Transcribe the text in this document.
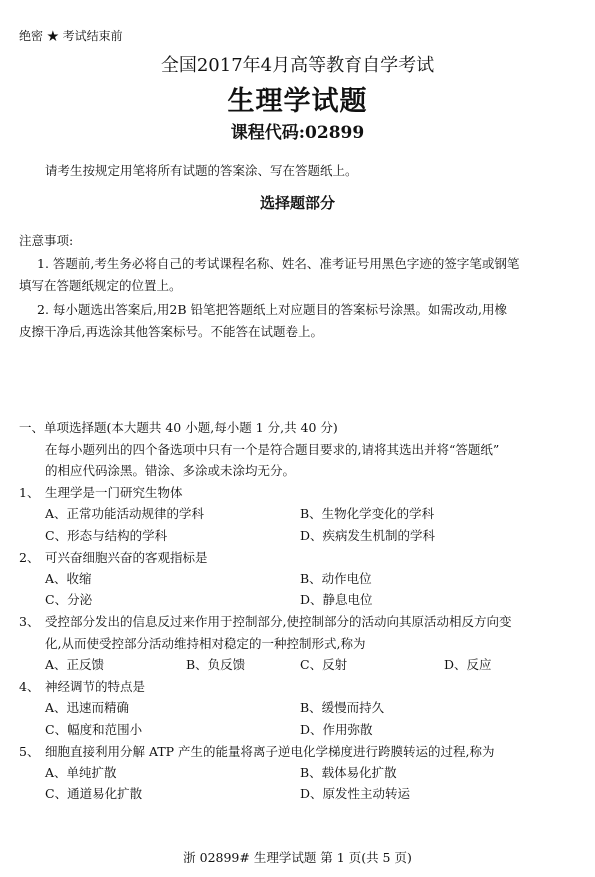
绝密 ★ 考试结束前
全国2017年4月高等教育自学考试
生理学试题
课程代码:02899
请考生按规定用笔将所有试题的答案涂、写在答题纸上。
选择题部分
注意事项:
1. 答题前,考生务必将自己的考试课程名称、姓名、准考证号用黑色字迹的签字笔或钢笔
填写在答题纸规定的位置上。
2. 每小题选出答案后,用2B 铅笔把答题纸上对应题目的答案标号涂黑。如需改动,用橡
皮擦干净后,再选涂其他答案标号。不能答在试题卷上。
一、单项选择题(本大题共 40 小题,每小题 1 分,共 40 分)
在每小题列出的四个备选项中只有一个是符合题目要求的,请将其选出并将“答题纸”
的相应代码涂黑。错涂、多涂或未涂均无分。
1、 生理学是一门研究生物体
A、正常功能活动规律的学科	B、生物化学变化的学科
C、形态与结构的学科	D、疾病发生机制的学科
2、 可兴奋细胞兴奋的客观指标是
A、收缩	B、动作电位
C、分泌	D、静息电位
3、 受控部分发出的信息反过来作用于控制部分,使控制部分的活动向其原活动相反方向变
化,从而使受控部分活动维持相对稳定的一种控制形式,称为
A、正反馈	B、负反馈	C、反射	D、反应
4、 神经调节的特点是
A、迅速而精确	B、缓慢而持久
C、幅度和范围小	D、作用弥散
5、 细胞直接利用分解 ATP 产生的能量将离子逆电化学梯度进行跨膜转运的过程,称为
A、单纯扩散	B、载体易化扩散
C、通道易化扩散	D、原发性主动转运
浙 02899# 生理学试题 第 1 页(共 5 页)
